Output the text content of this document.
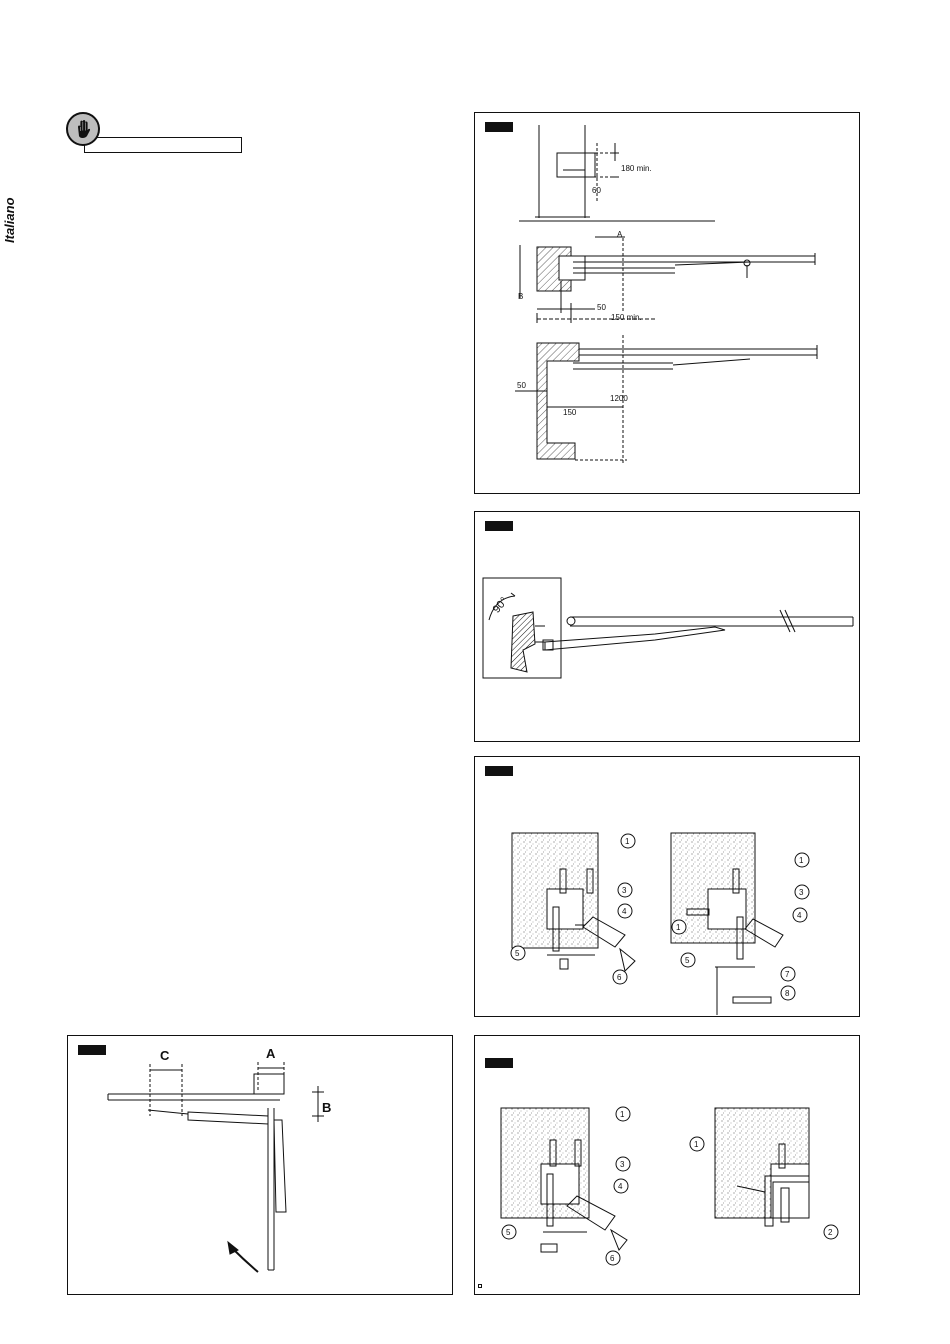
Italiano
180 min.
60
A
B
50
150 min.
50
150
1200
90°
1
3
4
5
6
1
1
3
4
5
7
8
C	A
B	1
3
4
5
6
1
2
